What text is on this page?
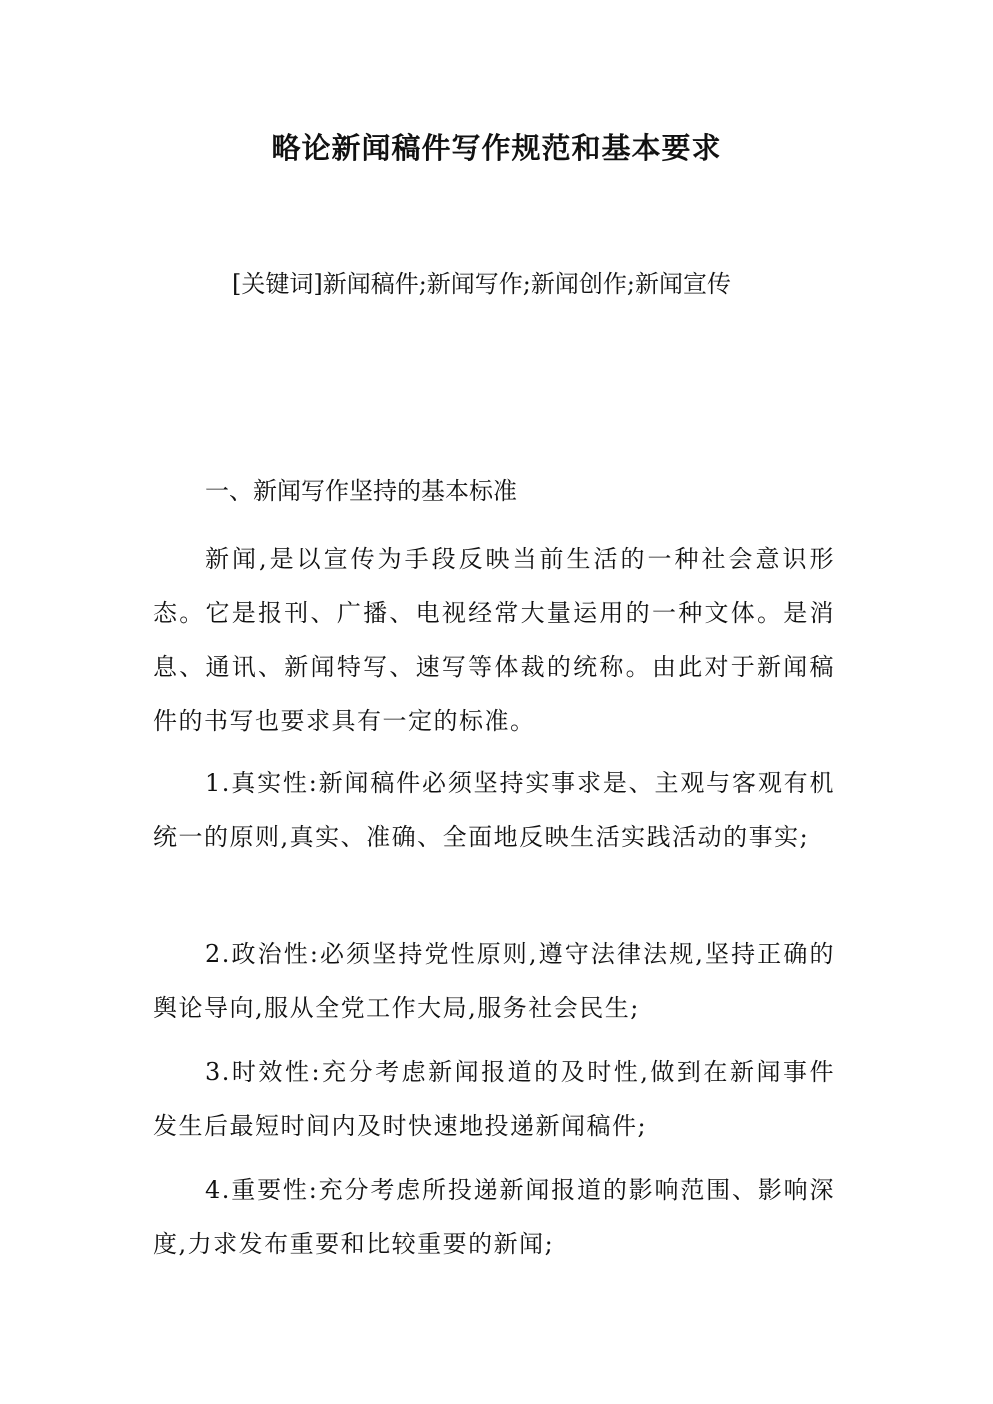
略论新闻稿件写作规范和基本要求
[关键词]新闻稿件;新闻写作;新闻创作;新闻宣传
一、新闻写作坚持的基本标准

新闻,是以宣传为手段反映当前生活的一种社会意识形态。它是报刊、广播、电视经常大量运用的一种文体。是消息、通讯、新闻特写、速写等体裁的统称。由此对于新闻稿件的书写也要求具有一定的标准。

1.真实性:新闻稿件必须坚持实事求是、主观与客观有机统一的原则,真实、准确、全面地反映生活实践活动的事实;

2.政治性:必须坚持党性原则,遵守法律法规,坚持正确的舆论导向,服从全党工作大局,服务社会民生;

3.时效性:充分考虑新闻报道的及时性,做到在新闻事件发生后最短时间内及时快速地投递新闻稿件;

4.重要性:充分考虑所投递新闻报道的影响范围、影响深度,力求发布重要和比较重要的新闻;
